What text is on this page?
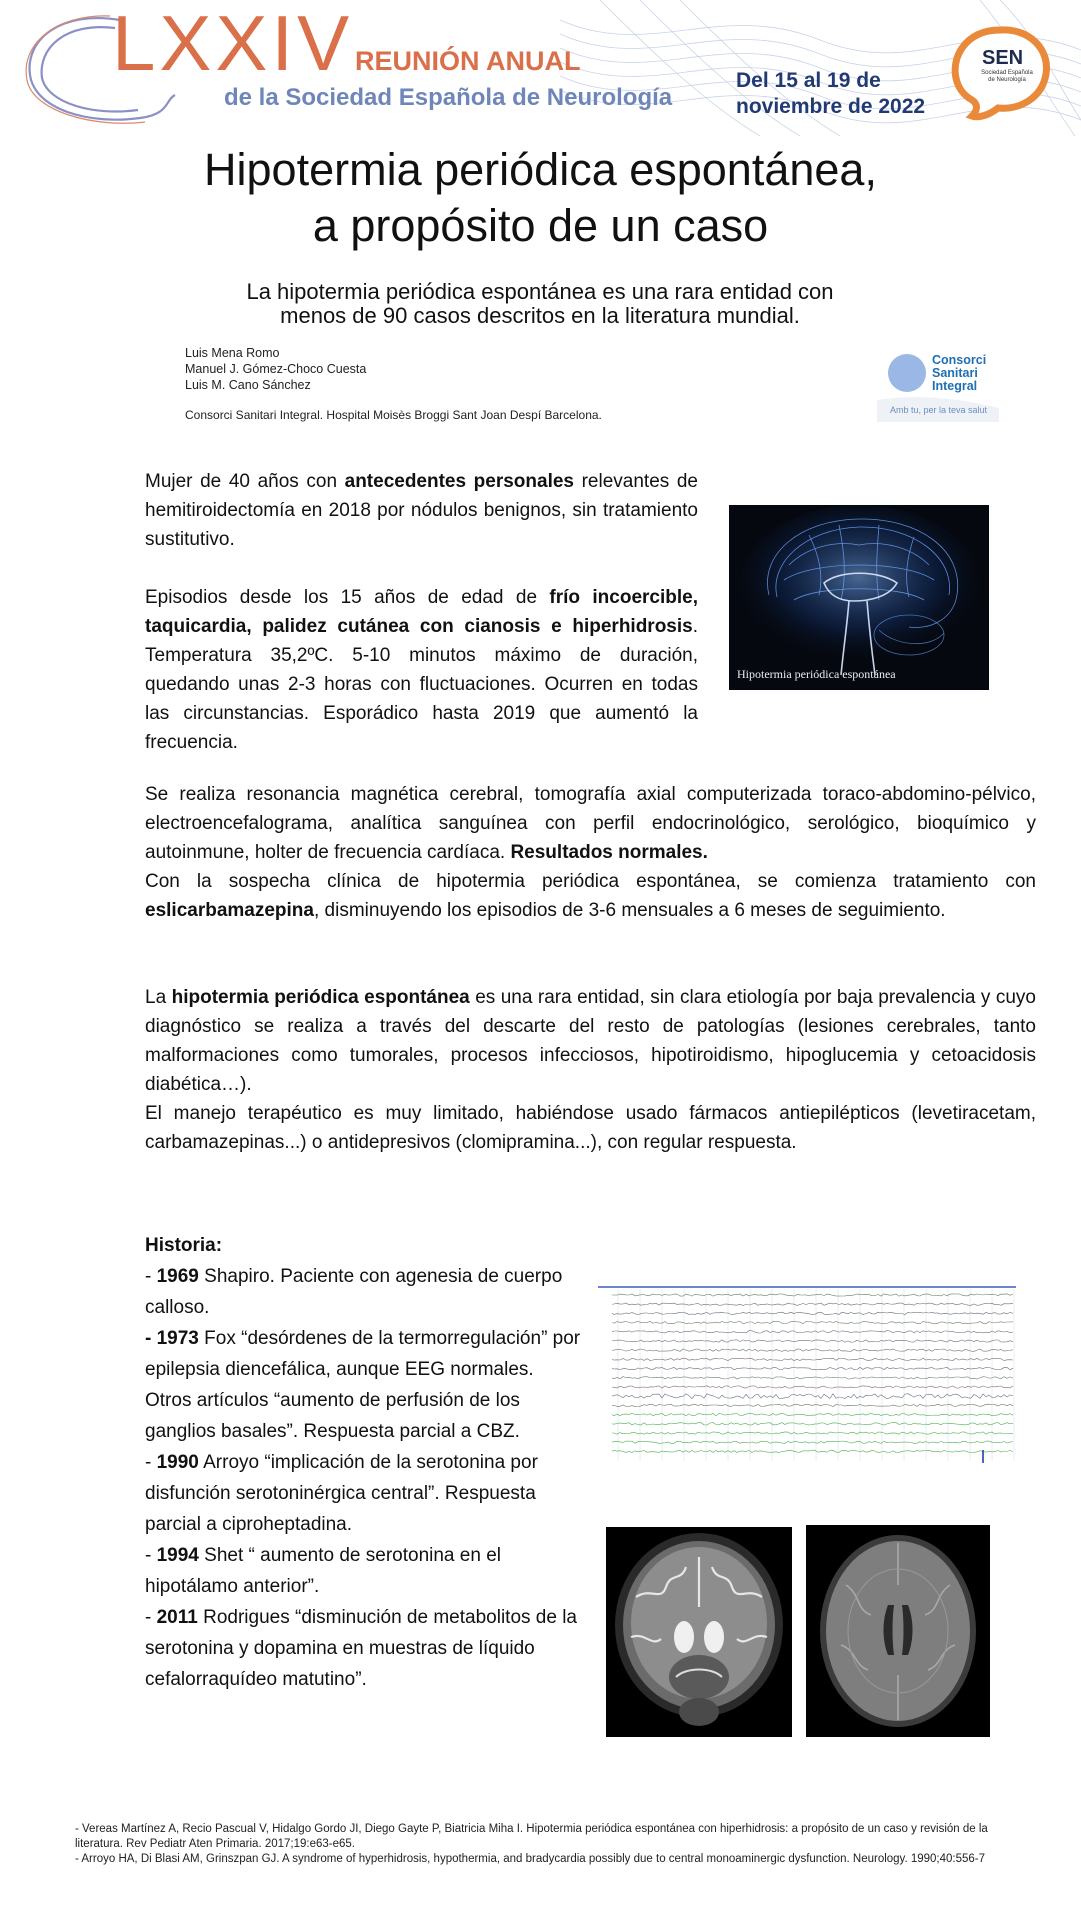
LXXIV REUNIÓN ANUAL
de la Sociedad Española de Neurología
Del 15 al 19 de
noviembre de 2022
SEN
Sociedad Española
de Neurología
Hipotermia periódica espontánea,
a propósito de un caso
La hipotermia periódica espontánea es una rara entidad con
menos de 90 casos descritos en la literatura mundial.
Luis Mena Romo
Manuel J. Gómez-Choco Cuesta
Luis M. Cano Sánchez
Consorci Sanitari Integral. Hospital Moisès Broggi Sant Joan Despí Barcelona.
Consorci
Sanitari
Integral
Amb tu, per la teva salut
Mujer de 40 años con antecedentes personales relevantes de hemitiroidectomía en 2018 por nódulos benignos, sin tratamiento sustitutivo.
Episodios desde los 15 años de edad de frío incoercible, taquicardia, palidez cutánea con cianosis e hiperhidrosis. Temperatura 35,2ºC. 5-10 minutos máximo de duración, quedando unas 2-3 horas con fluctuaciones. Ocurren en todas las circunstancias. Esporádico hasta 2019 que aumentó la frecuencia.
Hipotermia periódica espontánea
Se realiza resonancia magnética cerebral, tomografía axial computerizada toraco-abdomino-pélvico, electroencefalograma, analítica sanguínea con perfil endocrinológico, serológico, bioquímico y autoinmune, holter de frecuencia cardíaca. Resultados normales.
Con la sospecha clínica de hipotermia periódica espontánea, se comienza tratamiento con eslicarbamazepina, disminuyendo los episodios de 3-6 mensuales a 6 meses de seguimiento.
La hipotermia periódica espontánea es una rara entidad, sin clara etiología por baja prevalencia y cuyo diagnóstico se realiza a través del descarte del resto de patologías (lesiones cerebrales, tanto malformaciones como tumorales, procesos infecciosos, hipotiroidismo, hipoglucemia y cetoacidosis diabética…).
El manejo terapéutico es muy limitado, habiéndose usado fármacos antiepilépticos (levetiracetam, carbamazepinas...) o antidepresivos (clomipramina...), con regular respuesta.
Historia:
- 1969 Shapiro. Paciente con agenesia de cuerpo calloso.
- 1973 Fox “desórdenes de la termorregulación” por epilepsia diencefálica, aunque EEG normales. Otros artículos “aumento de perfusión de los ganglios basales”. Respuesta parcial a CBZ.
- 1990 Arroyo “implicación de la serotonina por disfunción serotoninérgica central”. Respuesta parcial a ciproheptadina.
- 1994 Shet “ aumento de serotonina en el hipotálamo anterior”.
- 2011 Rodrigues “disminución de metabolitos de la serotonina y dopamina en muestras de líquido cefalorraquídeo matutino”.
- Vereas Martínez A, Recio Pascual V, Hidalgo Gordo JI, Diego Gayte P, Biatricia Miha I. Hipotermia periódica espontánea con hiperhidrosis: a propósito de un caso y revisión de la literatura. Rev Pediatr Aten Primaria. 2017;19:e63-e65.
- Arroyo HA, Di Blasi AM, Grinszpan GJ. A syndrome of hyperhidrosis, hypothermia, and bradycardia possibly due to central monoaminergic dysfunction. Neurology. 1990;40:556-7
